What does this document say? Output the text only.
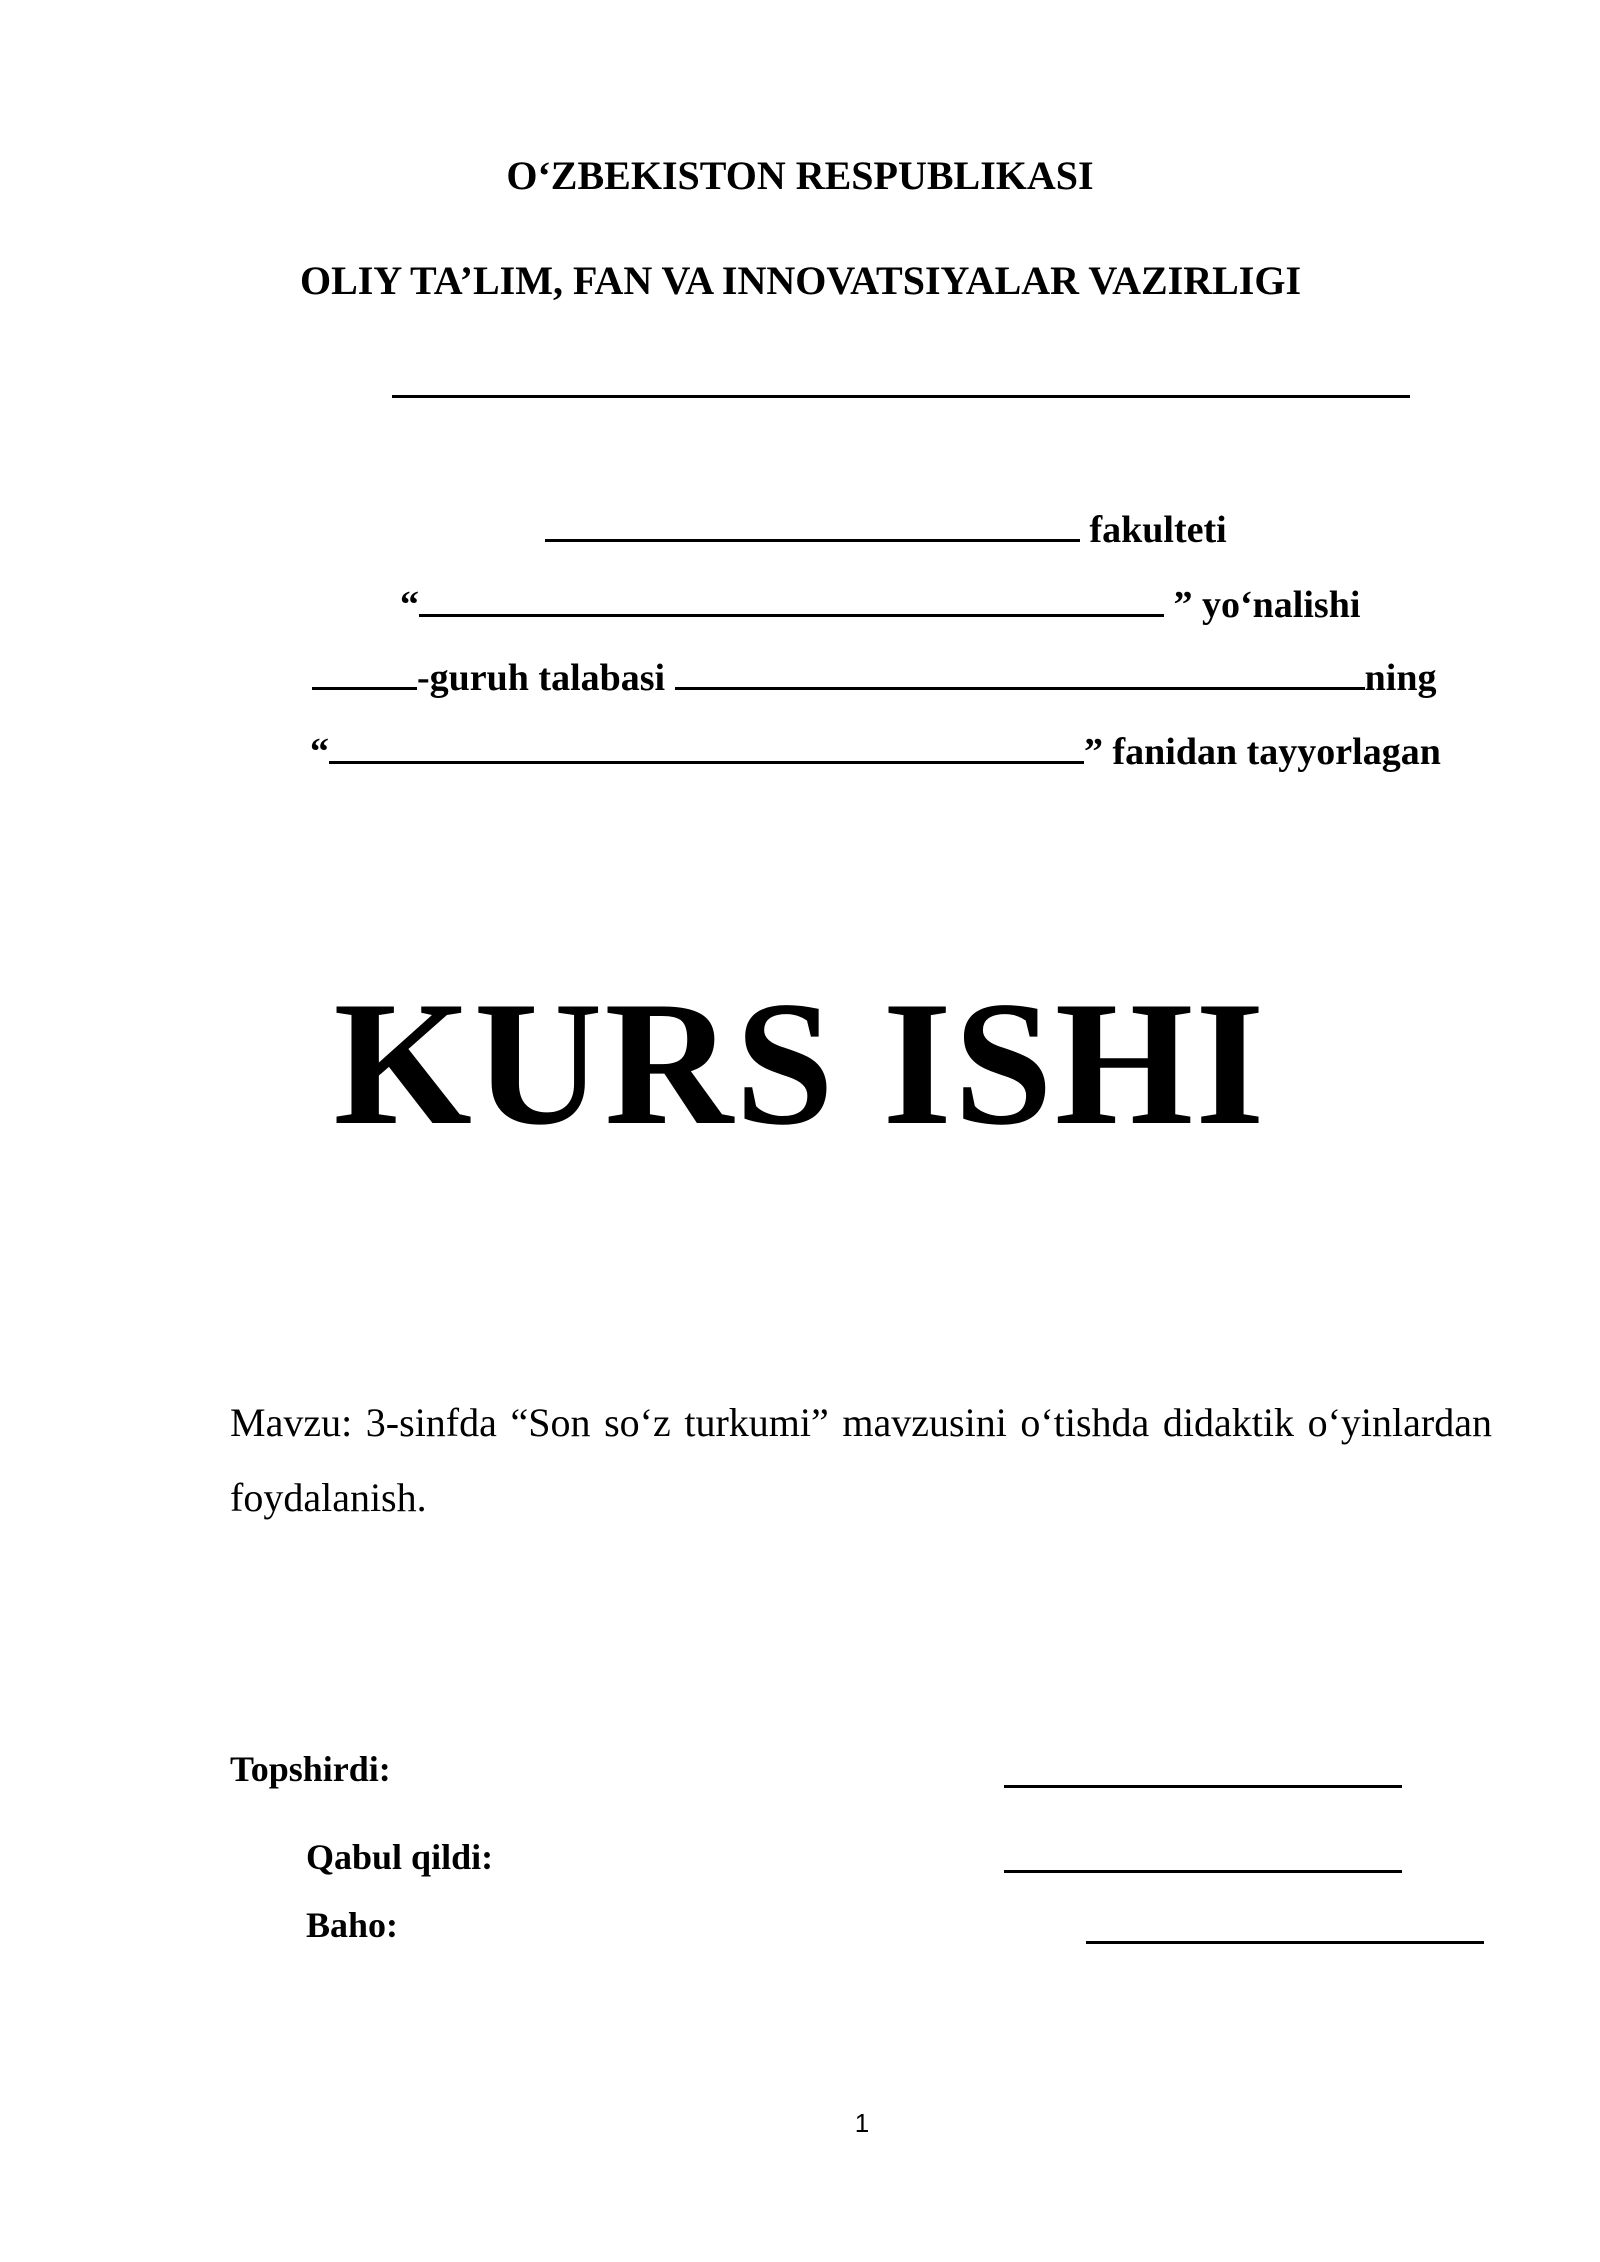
O‘ZBEKISTON RESPUBLIKASI
OLIY TA’LIM, FAN VA INNOVATSIYALAR VAZIRLIGI
fakulteti
“	” yo‘nalishi
-guruh talabasi	ning
“	” fanidan tayyorlagan
KURS ISHI
Mavzu: 3-sinfda “Son so‘z turkumi” mavzusini o‘tishda didaktik o‘yinlardan foydalanish.
Topshirdi:
Qabul qildi:
Baho:
1
